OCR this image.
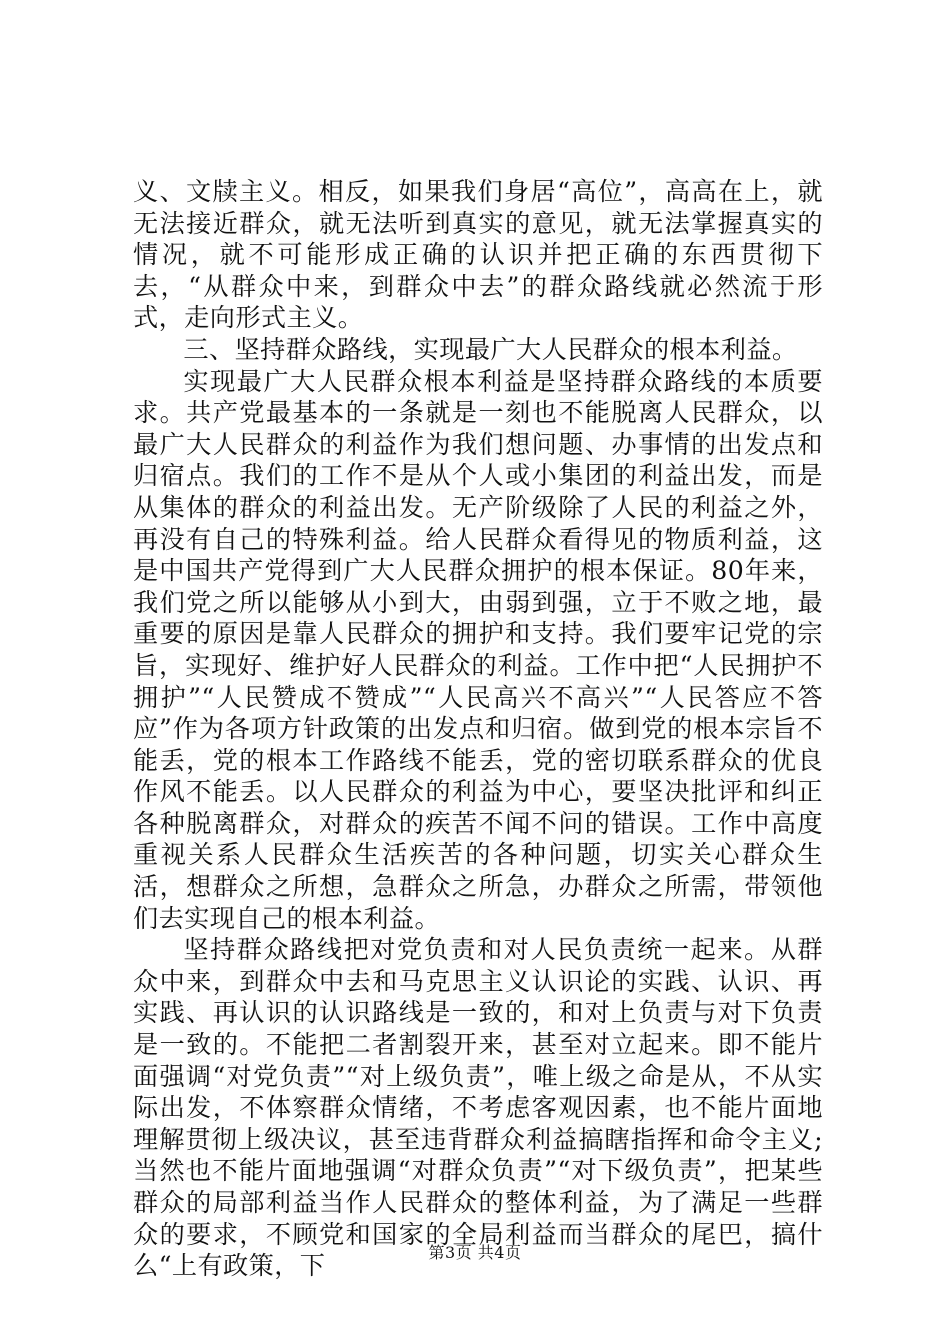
义、文牍主义。相反，如果我们身居“高位”，高高在上，就无法接近群众，就无法听到真实的意见，就无法掌握真实的情况，就不可能形成正确的认识并把正确的东西贯彻下去，“从群众中来，到群众中去”的群众路线就必然流于形式，走向形式主义。

三、坚持群众路线，实现最广大人民群众的根本利益。

实现最广大人民群众根本利益是坚持群众路线的本质要求。共产党最基本的一条就是一刻也不能脱离人民群众，以最广大人民群众的利益作为我们想问题、办事情的出发点和归宿点。我们的工作不是从个人或小集团的利益出发，而是从集体的群众的利益出发。无产阶级除了人民的利益之外，再没有自己的特殊利益。给人民群众看得见的物质利益，这是中国共产党得到广大人民群众拥护的根本保证。80年来，我们党之所以能够从小到大，由弱到强，立于不败之地，最重要的原因是靠人民群众的拥护和支持。我们要牢记党的宗旨，实现好、维护好人民群众的利益。工作中把“人民拥护不拥护”“人民赞成不赞成”“人民高兴不高兴”“人民答应不答应”作为各项方针政策的出发点和归宿。做到党的根本宗旨不能丢，党的根本工作路线不能丢，党的密切联系群众的优良作风不能丢。以人民群众的利益为中心，要坚决批评和纠正各种脱离群众，对群众的疾苦不闻不问的错误。工作中高度重视关系人民群众生活疾苦的各种问题，切实关心群众生活，想群众之所想，急群众之所急，办群众之所需，带领他们去实现自己的根本利益。

坚持群众路线把对党负责和对人民负责统一起来。从群众中来，到群众中去和马克思主义认识论的实践、认识、再实践、再认识的认识路线是一致的，和对上负责与对下负责是一致的。不能把二者割裂开来，甚至对立起来。即不能片面强调“对党负责”“对上级负责”，唯上级之命是从，不从实际出发，不体察群众情绪，不考虑客观因素，也不能片面地理解贯彻上级决议，甚至违背群众利益搞瞎指挥和命令主义;当然也不能片面地强调“对群众负责”“对下级负责”，把某些群众的局部利益当作人民群众的整体利益，为了满足一些群众的要求，不顾党和国家的全局利益而当群众的尾巴，搞什么“上有政策，下	第3页 共4页
